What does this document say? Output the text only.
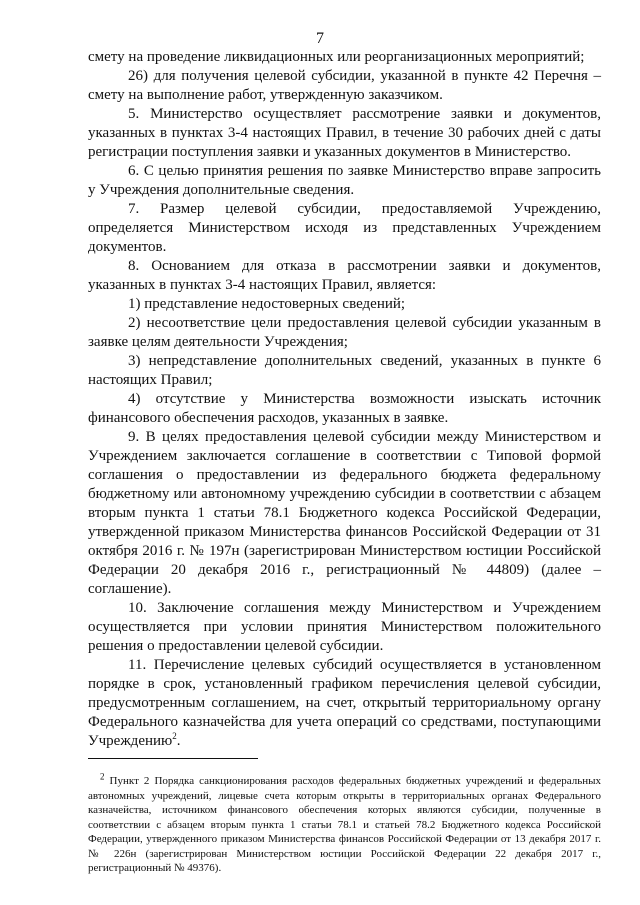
7

смету на проведение ликвидационных или реорганизационных мероприятий;

26) для получения целевой субсидии, указанной в пункте 42 Перечня – смету на выполнение работ, утвержденную заказчиком.

5. Министерство осуществляет рассмотрение заявки и документов, указанных в пунктах 3-4 настоящих Правил, в течение 30 рабочих дней с даты регистрации поступления заявки и указанных документов в Министерство.

6. С целью принятия решения по заявке Министерство вправе запросить у Учреждения дополнительные сведения.

7. Размер целевой субсидии, предоставляемой Учреждению, определяется Министерством исходя из представленных Учреждением документов.

8. Основанием для отказа в рассмотрении заявки и документов, указанных в пунктах 3-4 настоящих Правил, является:

1) представление недостоверных сведений;

2) несоответствие цели предоставления целевой субсидии указанным в заявке целям деятельности Учреждения;

3) непредставление дополнительных сведений, указанных в пункте 6 настоящих Правил;

4) отсутствие у Министерства возможности изыскать источник финансового обеспечения расходов, указанных в заявке.

9. В целях предоставления целевой субсидии между Министерством и Учреждением заключается соглашение в соответствии с Типовой формой соглашения о предоставлении из федерального бюджета федеральному бюджетному или автономному учреждению субсидии в соответствии с абзацем вторым пункта 1 статьи 78.1 Бюджетного кодекса Российской Федерации, утвержденной приказом Министерства финансов Российской Федерации от 31 октября 2016 г. № 197н (зарегистрирован Министерством юстиции Российской Федерации 20 декабря 2016 г., регистрационный № 44809) (далее – соглашение).

10. Заключение соглашения между Министерством и Учреждением осуществляется при условии принятия Министерством положительного решения о предоставлении целевой субсидии.

11. Перечисление целевых субсидий осуществляется в установленном порядке в срок, установленный графиком перечисления целевой субсидии, предусмотренным соглашением, на счет, открытый территориальному органу Федерального казначейства для учета операций со средствами, поступающими Учреждению$^2$.

$^2$ Пункт 2 Порядка санкционирования расходов федеральных бюджетных учреждений и федеральных автономных учреждений, лицевые счета которым открыты в территориальных органах Федерального казначейства, источником финансового обеспечения которых являются субсидии, полученные в соответствии с абзацем вторым пункта 1 статьи 78.1 и статьей 78.2 Бюджетного кодекса Российской Федерации, утвержденного приказом Министерства финансов Российской Федерации от 13 декабря 2017 г. № 226н (зарегистрирован Министерством юстиции Российской Федерации 22 декабря 2017 г., регистрационный № 49376).
